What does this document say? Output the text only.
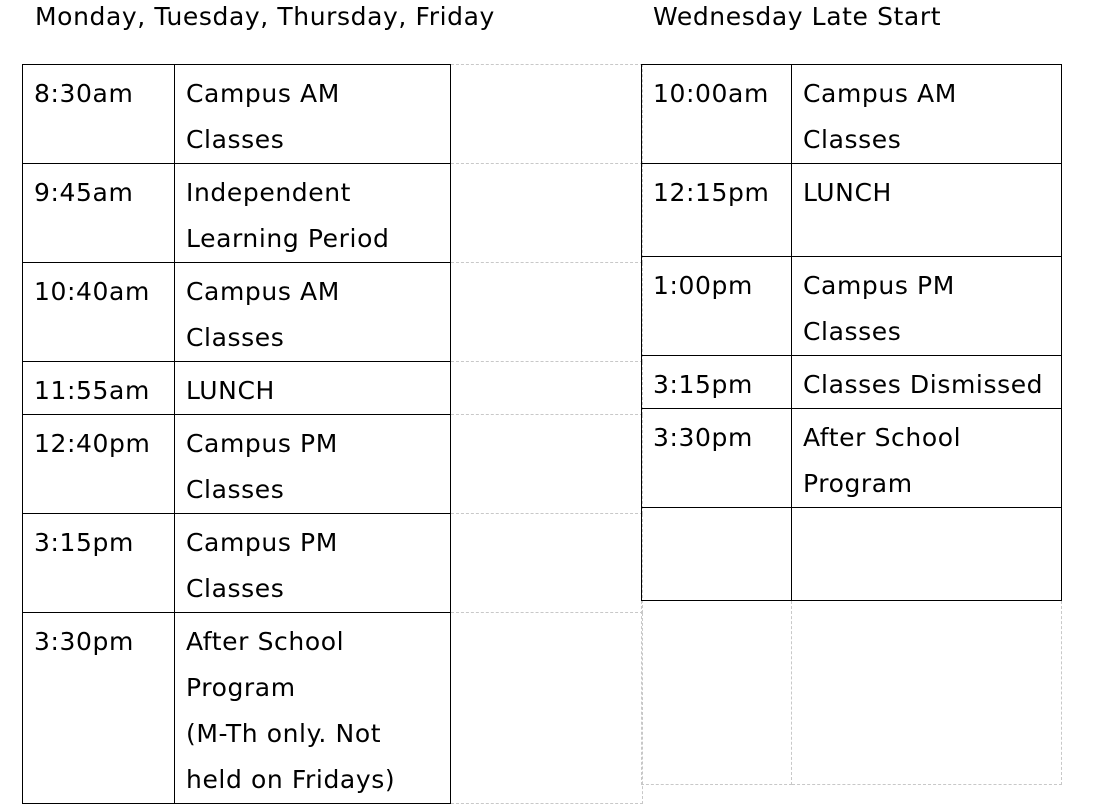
Monday, Tuesday, Thursday, Friday	Wednesday Late Start
8:30am	Campus AM
Classes	
9:45am	Independent
Learning Period	
10:40am	Campus AM
Classes	
11:55am	LUNCH	
12:40pm	Campus PM
Classes	
3:15pm	Campus PM
Classes	
3:30pm	After School
Program
(M-Th only. Not
held on Fridays)	
10:00am	Campus AM
Classes
12:15pm	LUNCH
1:00pm	Campus PM
Classes
3:15pm	Classes Dismissed
3:30pm	After School
Program
